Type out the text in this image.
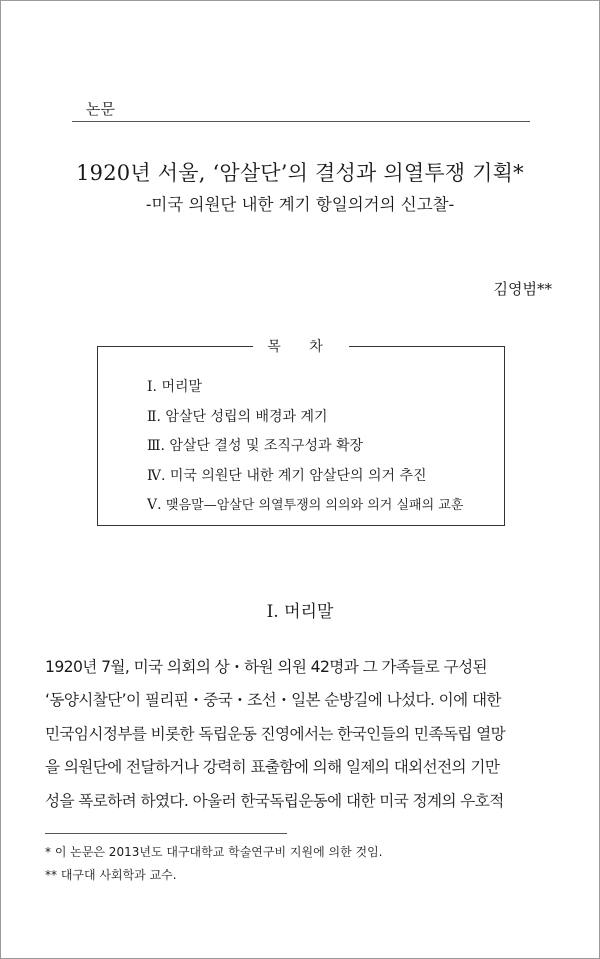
논문
1920년 서울, ‘암살단’의 결성과 의열투쟁 기획*
-미국 의원단 내한 계기 항일의거의 신고찰-
김영범**
목 차
Ⅰ. 머리말
Ⅱ. 암살단 성립의 배경과 계기
Ⅲ. 암살단 결성 및 조직구성과 확장
Ⅳ. 미국 의원단 내한 계기 암살단의 의거 추진
Ⅴ. 맺음말—암살단 의열투쟁의 의의와 의거 실패의 교훈
Ⅰ. 머리말
1920년 7월, 미국 의회의 상・하원 의원 42명과 그 가족들로 구성된
‘동양시찰단’이 필리핀・중국・조선・일본 순방길에 나섰다. 이에 대한
민국임시정부를 비롯한 독립운동 진영에서는 한국인들의 민족독립 열망
을 의원단에 전달하거나 강력히 표출함에 의해 일제의 대외선전의 기만
성을 폭로하려 하였다. 아울러 한국독립운동에 대한 미국 정계의 우호적
* 이 논문은 2013년도 대구대학교 학술연구비 지원에 의한 것임.
** 대구대 사회학과 교수.
